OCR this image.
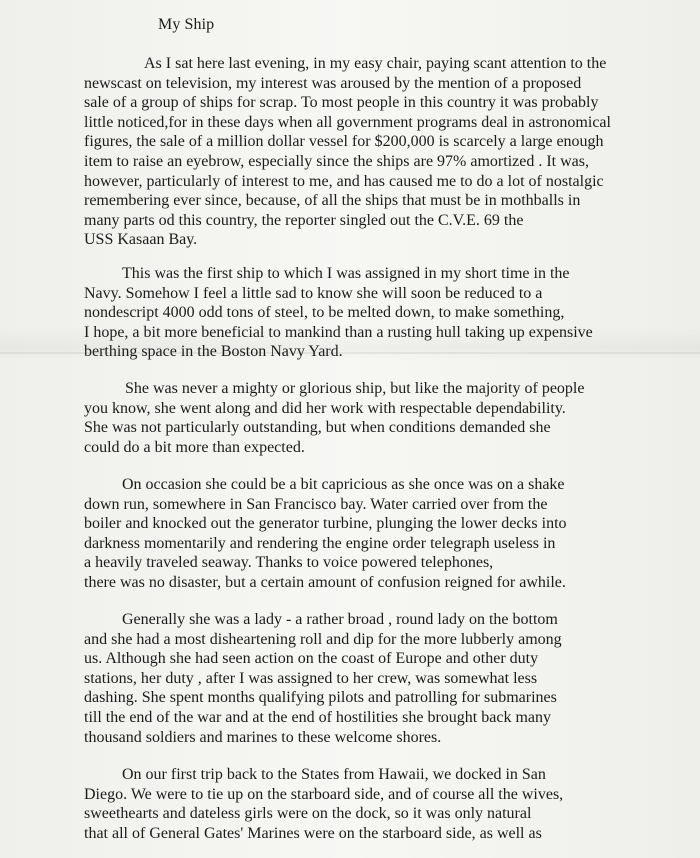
My Ship
As I sat here last evening, in my easy chair, paying scant attention to the
newscast on television, my interest was aroused by the mention of a proposed
sale of a group of ships for scrap. To most people in this country it was probably
little noticed,for in these days when all government programs deal in astronomical
figures, the sale of a million dollar vessel for $200,000 is scarcely a large enough
item to raise an eyebrow, especially since the ships are 97% amortized . It was,
however, particularly of interest to me, and has caused me to do a lot of nostalgic
remembering ever since, because, of all the ships that must be in mothballs in
many parts od this country, the reporter singled out the C.V.E. 69 the
USS Kasaan Bay.
This was the first ship to which I was assigned in my short time in the
Navy. Somehow I feel a little sad to know she will soon be reduced to a
nondescript 4000 odd tons of steel, to be melted down, to make something,
I hope, a bit more beneficial to mankind than a rusting hull taking up expensive
berthing space in the Boston Navy Yard.
She was never a mighty or glorious ship, but like the majority of people
you know, she went along and did her work with respectable dependability.
She was not particularly outstanding, but when conditions demanded she
could do a bit more than expected.
On occasion she could be a bit capricious as she once was on a shake
down run, somewhere in San Francisco bay. Water carried over from the
boiler and knocked out the generator turbine, plunging the lower decks into
darkness momentarily and rendering the engine order telegraph useless in
a heavily traveled seaway. Thanks to voice powered telephones,
there was no disaster, but a certain amount of confusion reigned for awhile.
Generally she was a lady - a rather broad , round lady on the bottom
and she had a most disheartening roll and dip for the more lubberly among
us. Although she had seen action on the coast of Europe and other duty
stations, her duty , after I was assigned to her crew, was somewhat less
dashing. She spent months qualifying pilots and patrolling for submarines
till the end of the war and at the end of hostilities she brought back many
thousand soldiers and marines to these welcome shores.
On our first trip back to the States from Hawaii, we docked in San
Diego. We were to tie up on the starboard side, and of course all the wives,
sweethearts and dateless girls were on the dock, so it was only natural
that all of General Gates' Marines were on the starboard side, as well as
